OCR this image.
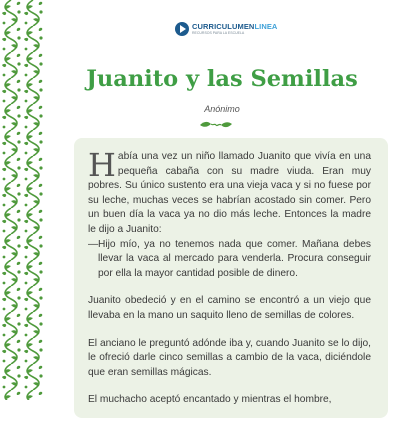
CURRICULUMENLINEA
RECURSOS PARA LA ESCUELA
Juanito y las Semillas
Anónimo

Había una vez un niño llamado Juanito que vivía en una pequeña cabaña con su madre viuda. Eran muy pobres. Su único sustento era una vieja vaca y si no fuese por su leche, muchas veces se habrían acostado sin comer. Pero un buen día la vaca ya no dio más leche. Entonces la madre le dijo a Juanito:

— Hijo mío, ya no tenemos nada que comer. Mañana debes llevar la vaca al mercado para venderla. Procura conseguir por ella la mayor cantidad posible de dinero.

Juanito obedeció y en el camino se encontró a un viejo que llevaba en la mano un saquito lleno de semillas de colores.

El anciano le preguntó adónde iba y, cuando Juanito se lo dijo, le ofreció darle cinco semillas a cambio de la vaca, diciéndole que eran semillas mágicas.

El muchacho aceptó encantado y mientras el hombre,
